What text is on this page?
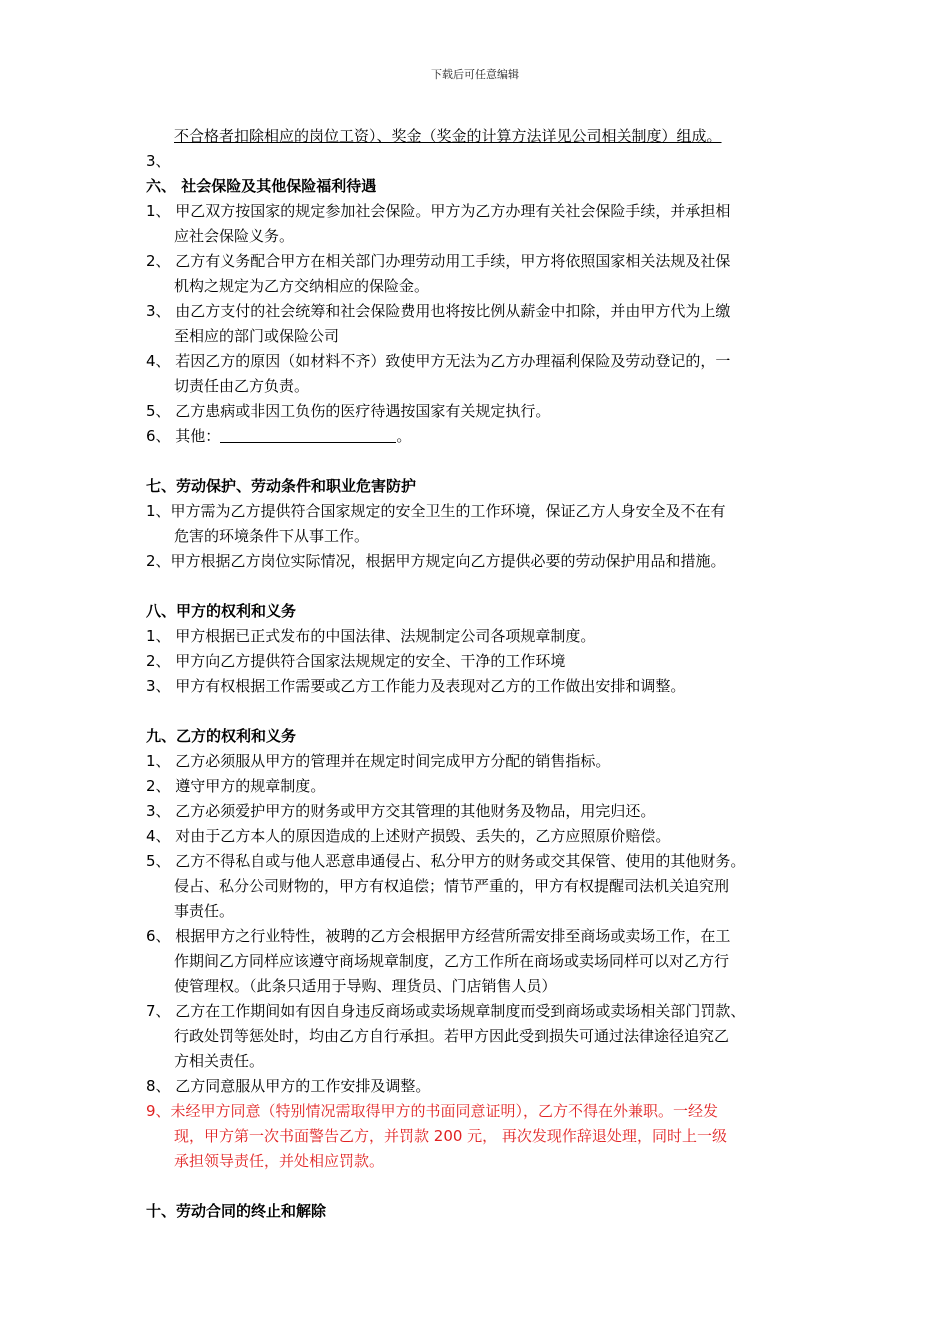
下载后可任意编辑
不合格者扣除相应的岗位工资）、奖金（奖金的计算方法详见公司相关制度）组成。
3、
六、 社会保险及其他保险福利待遇
1、 甲乙双方按国家的规定参加社会保险。甲方为乙方办理有关社会保险手续，并承担相
应社会保险义务。
2、 乙方有义务配合甲方在相关部门办理劳动用工手续，甲方将依照国家相关法规及社保
机构之规定为乙方交纳相应的保险金。
3、 由乙方支付的社会统筹和社会保险费用也将按比例从薪金中扣除，并由甲方代为上缴
至相应的部门或保险公司
4、 若因乙方的原因（如材料不齐）致使甲方无法为乙方办理福利保险及劳动登记的，一
切责任由乙方负责。
5、 乙方患病或非因工负伤的医疗待遇按国家有关规定执行。
6、 其他：	。
七、劳动保护、劳动条件和职业危害防护
1、甲方需为乙方提供符合国家规定的安全卫生的工作环境，保证乙方人身安全及不在有
危害的环境条件下从事工作。
2、甲方根据乙方岗位实际情况，根据甲方规定向乙方提供必要的劳动保护用品和措施。
八、甲方的权利和义务
1、 甲方根据已正式发布的中国法律、法规制定公司各项规章制度。
2、 甲方向乙方提供符合国家法规规定的安全、干净的工作环境
3、 甲方有权根据工作需要或乙方工作能力及表现对乙方的工作做出安排和调整。
九、乙方的权利和义务
1、 乙方必须服从甲方的管理并在规定时间完成甲方分配的销售指标。
2、 遵守甲方的规章制度。
3、 乙方必须爱护甲方的财务或甲方交其管理的其他财务及物品，用完归还。
4、 对由于乙方本人的原因造成的上述财产损毁、丢失的，乙方应照原价赔偿。
5、 乙方不得私自或与他人恶意串通侵占、私分甲方的财务或交其保管、使用的其他财务。
侵占、私分公司财物的，甲方有权追偿；情节严重的，甲方有权提醒司法机关追究刑
事责任。
6、 根据甲方之行业特性，被聘的乙方会根据甲方经营所需安排至商场或卖场工作，在工
作期间乙方同样应该遵守商场规章制度，乙方工作所在商场或卖场同样可以对乙方行
使管理权。（此条只适用于导购、理货员、门店销售人员）
7、 乙方在工作期间如有因自身违反商场或卖场规章制度而受到商场或卖场相关部门罚款、
行政处罚等惩处时，均由乙方自行承担。若甲方因此受到损失可通过法律途径追究乙
方相关责任。
8、 乙方同意服从甲方的工作安排及调整。
9、未经甲方同意（特别情况需取得甲方的书面同意证明），乙方不得在外兼职。一经发
现，甲方第一次书面警告乙方，并罚款 200 元， 再次发现作辞退处理，同时上一级
承担领导责任，并处相应罚款。
十、劳动合同的终止和解除
